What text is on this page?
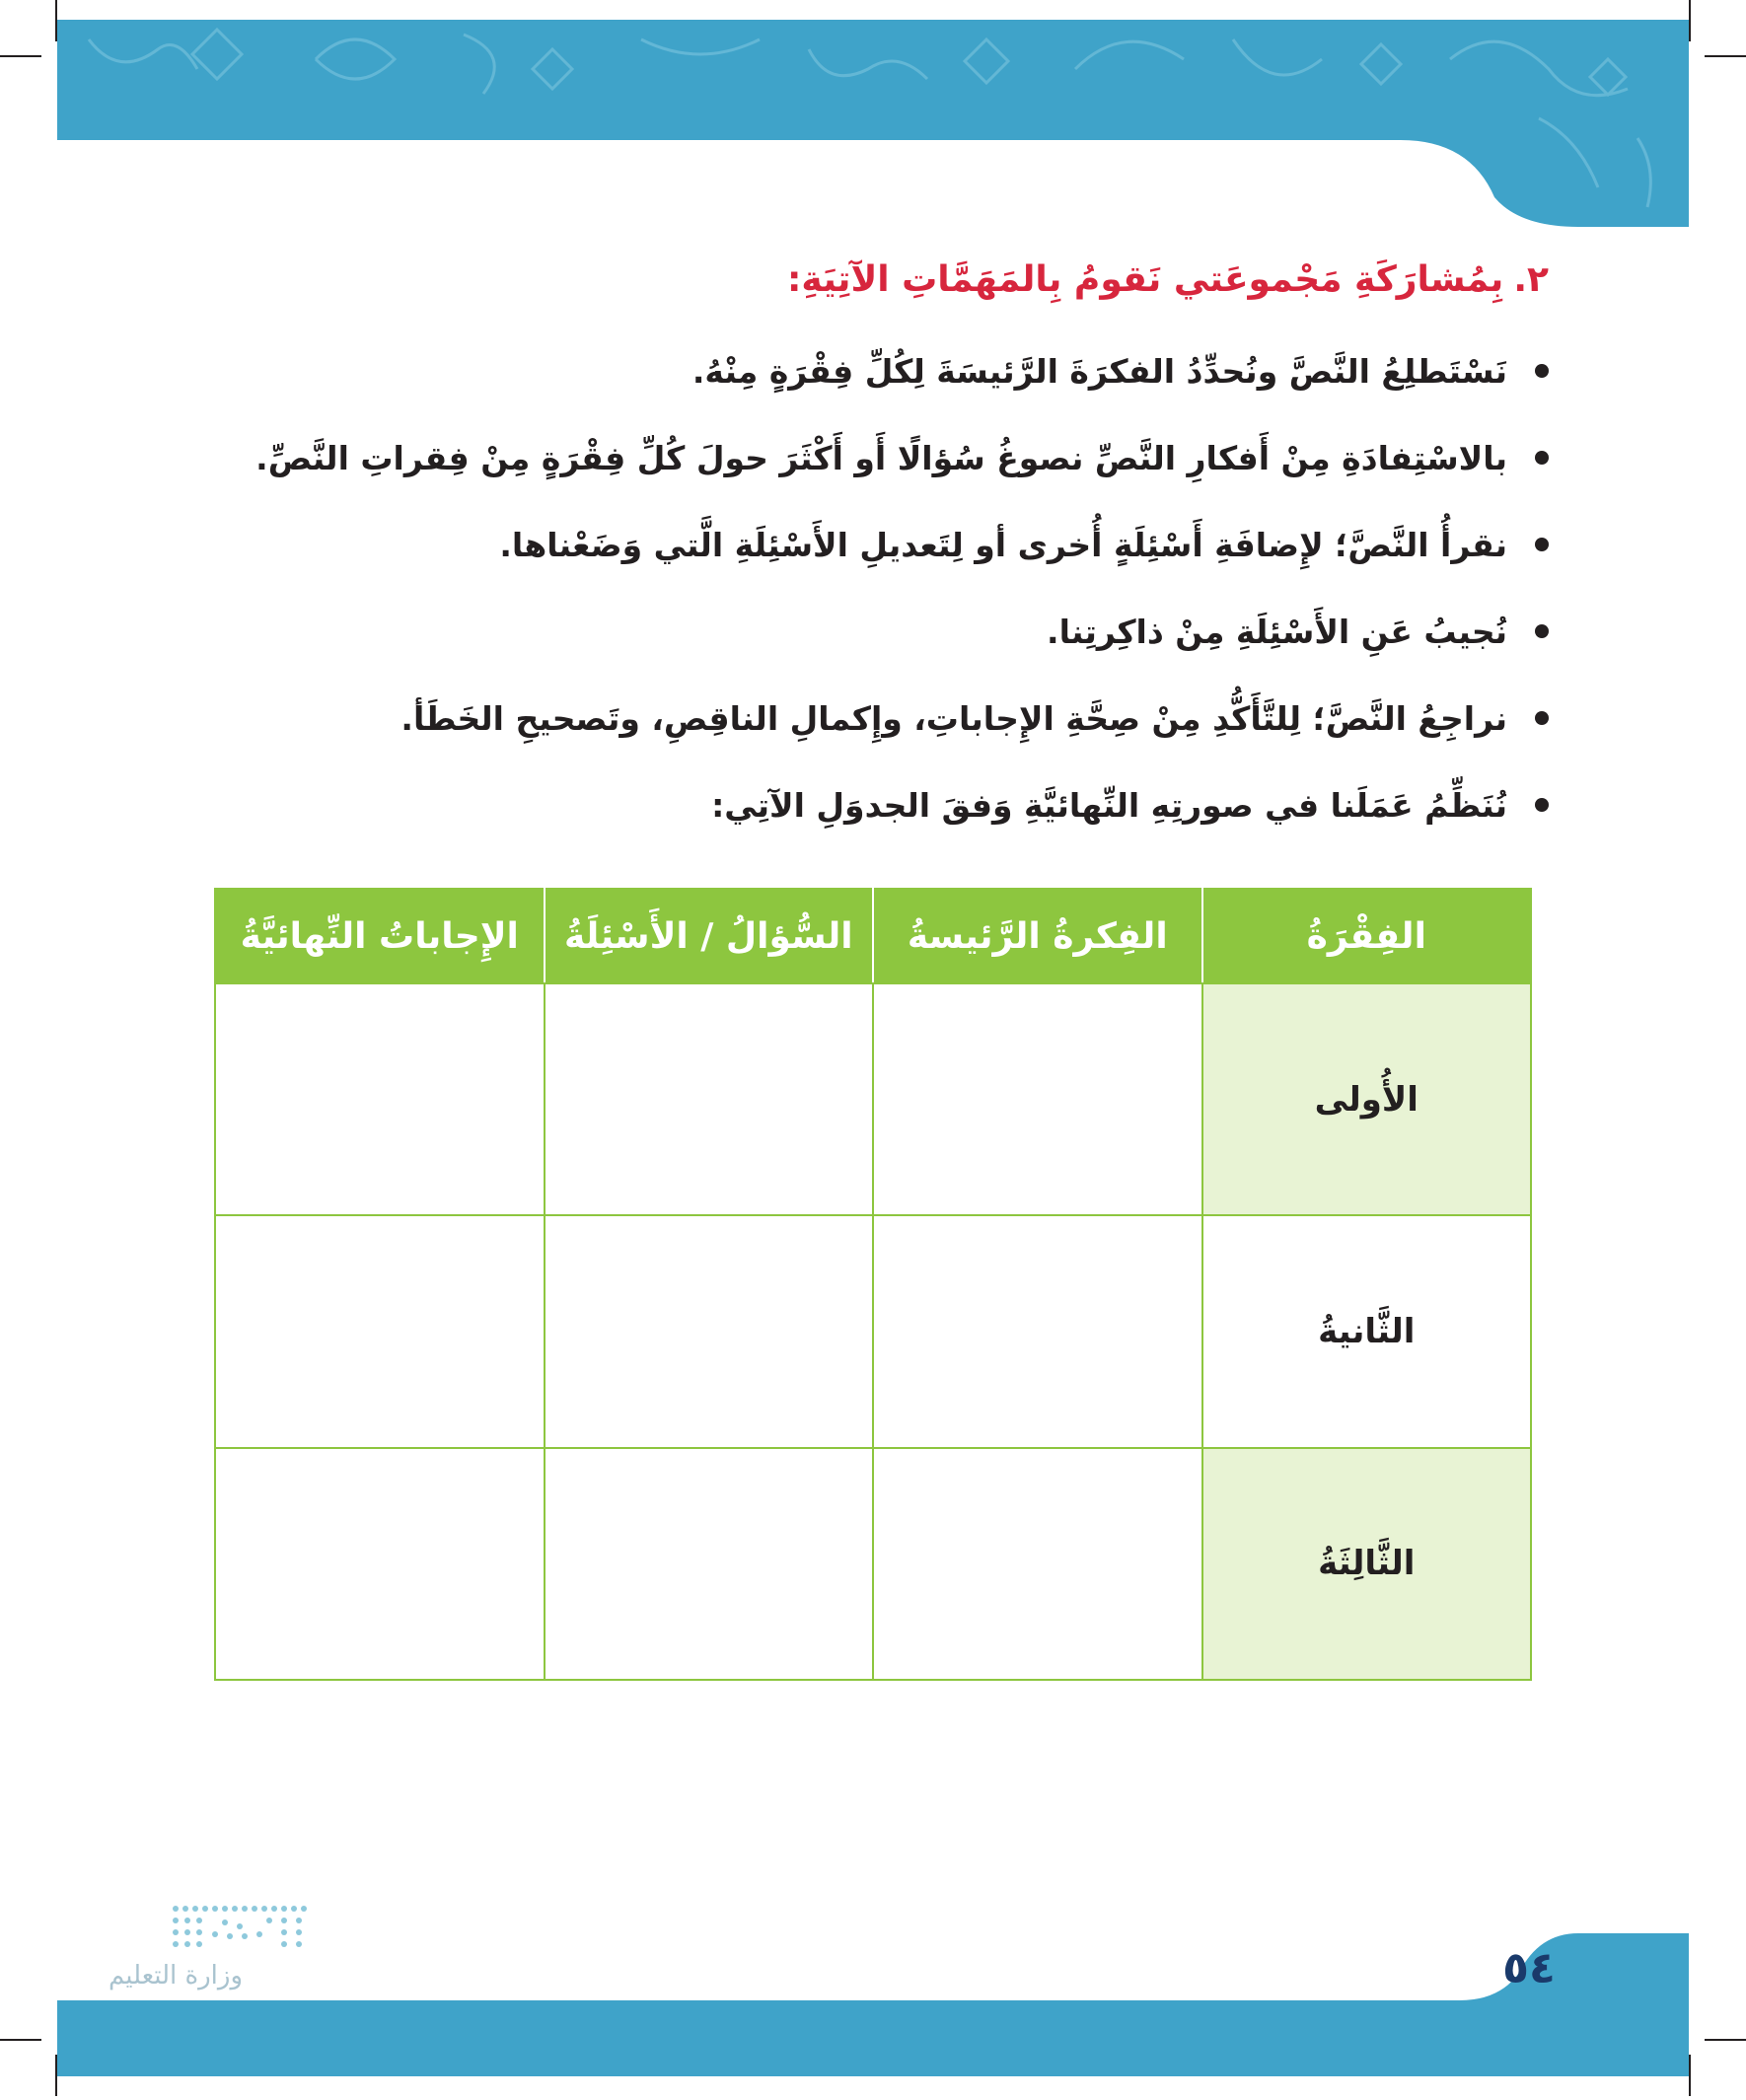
٢.بِمُشارَكَةِ مَجْموعَتي نَقومُ بِالمَهَمَّاتِ الآتِيَةِ:
نَسْتَطلِعُ النَّصَّ ونُحدِّدُ الفكرَةَ الرَّئيسَةَ لِكُلِّ فِقْرَةٍ مِنْهُ.
بالاسْتِفادَةِ مِنْ أَفكارِ النَّصِّ نصوغُ سُؤالًا أَو أَكْثَرَ حولَ كُلِّ فِقْرَةٍ مِنْ فِقراتِ النَّصِّ.
نقرأُ النَّصَّ؛ لإِضافَةِ أَسْئِلَةٍ أُخرى أو لِتَعديلِ الأَسْئِلَةِ الَّتي وَضَعْناها.
نُجيبُ عَنِ الأَسْئِلَةِ مِنْ ذاكِرتِنا.
نراجِعُ النَّصَّ؛ لِلتَّأَكُّدِ مِنْ صِحَّةِ الإِجاباتِ، وإِكمالِ الناقِصِ، وتَصحيحِ الخَطَأ.
نُنَظِّمُ عَمَلَنا في صورتِهِ النِّهائيَّةِ وَفقَ الجدوَلِ الآتِي:
الفِقْرَةُ	الفِكرةُ الرَّئيسةُ	السُّؤالُ / الأَسْئِلَةُ	الإِجاباتُ النِّهائيَّةُ
الأُولى			
الثَّانيةُ			
الثَّالِثَةُ			
وزارة التعليم	٥٤
